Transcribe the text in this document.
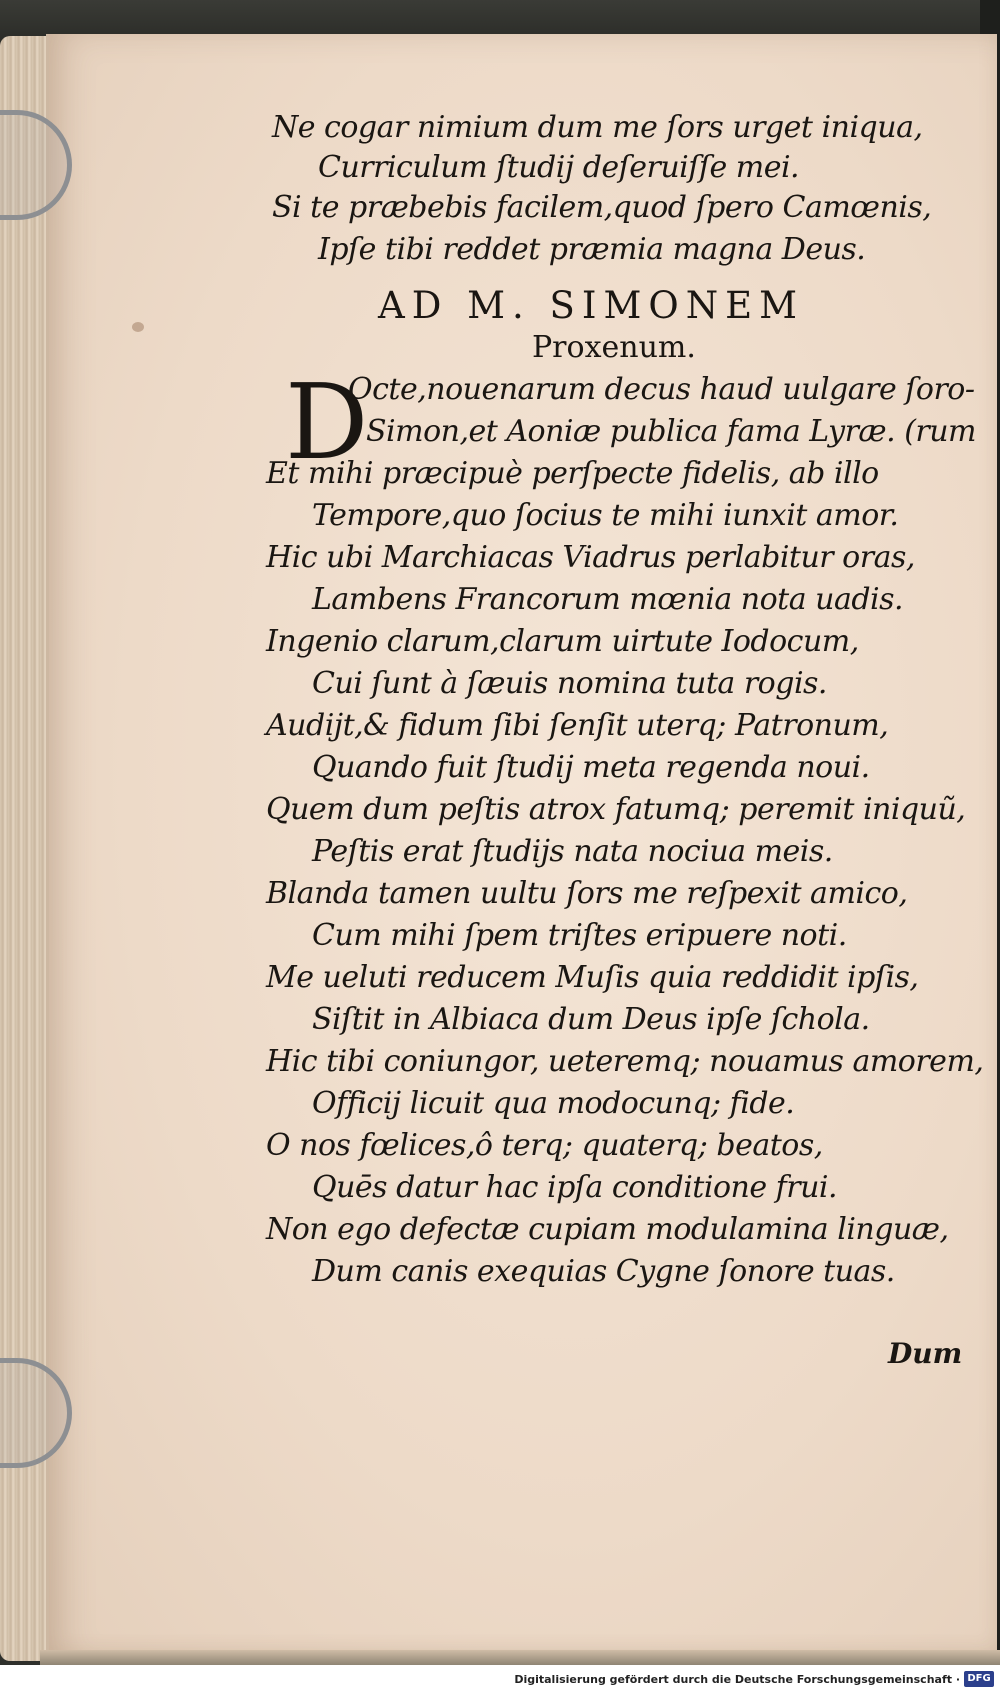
Ne cogar nimium dum me ſors urget iniqua,
Curriculum ſtudij deſeruiſſe mei.
Si te præbebis facilem,quod ſpero Camœnis,
Ipſe tibi reddet præmia magna Deus.
AD M. SIMONEM
Proxenum.
D
Octe,nouenarum decus haud uulgare ſoro-
Simon,et Aoniæ publica fama Lyræ. (rum
Et mihi præcipuè perſpecte fidelis, ab illo
Tempore,quo ſocius te mihi iunxit amor.
Hic ubi Marchiacas Viadrus perlabitur oras,
Lambens Francorum mœnia nota uadis.
Ingenio clarum,clarum uirtute Iodocum,
Cui ſunt à ſæuis nomina tuta rogis.
Audijt,& fidum ſibi ſenſit uterq; Patronum,
Quando fuit ſtudij meta regenda noui.
Quem dum peſtis atrox fatumq; peremit iniquũ,
Peſtis erat ſtudijs nata nociua meis.
Blanda tamen uultu ſors me reſpexit amico,
Cum mihi ſpem triſtes eripuere noti.
Me ueluti reducem Muſis quia reddidit ipſis,
Siſtit in Albiaca dum Deus ipſe ſchola.
Hic tibi coniungor, ueteremq; nouamus amorem,
Officij licuit qua modocunq; fide.
O nos fœlices,ô terq; quaterq; beatos,
Quēs datur hac ipſa conditione frui.
Non ego defectæ cupiam modulamina linguæ,
Dum canis exequias Cygne ſonore tuas.
Dum
Digitalisierung gefördert durch die Deutsche Forschungsgemeinschaft · DFG
